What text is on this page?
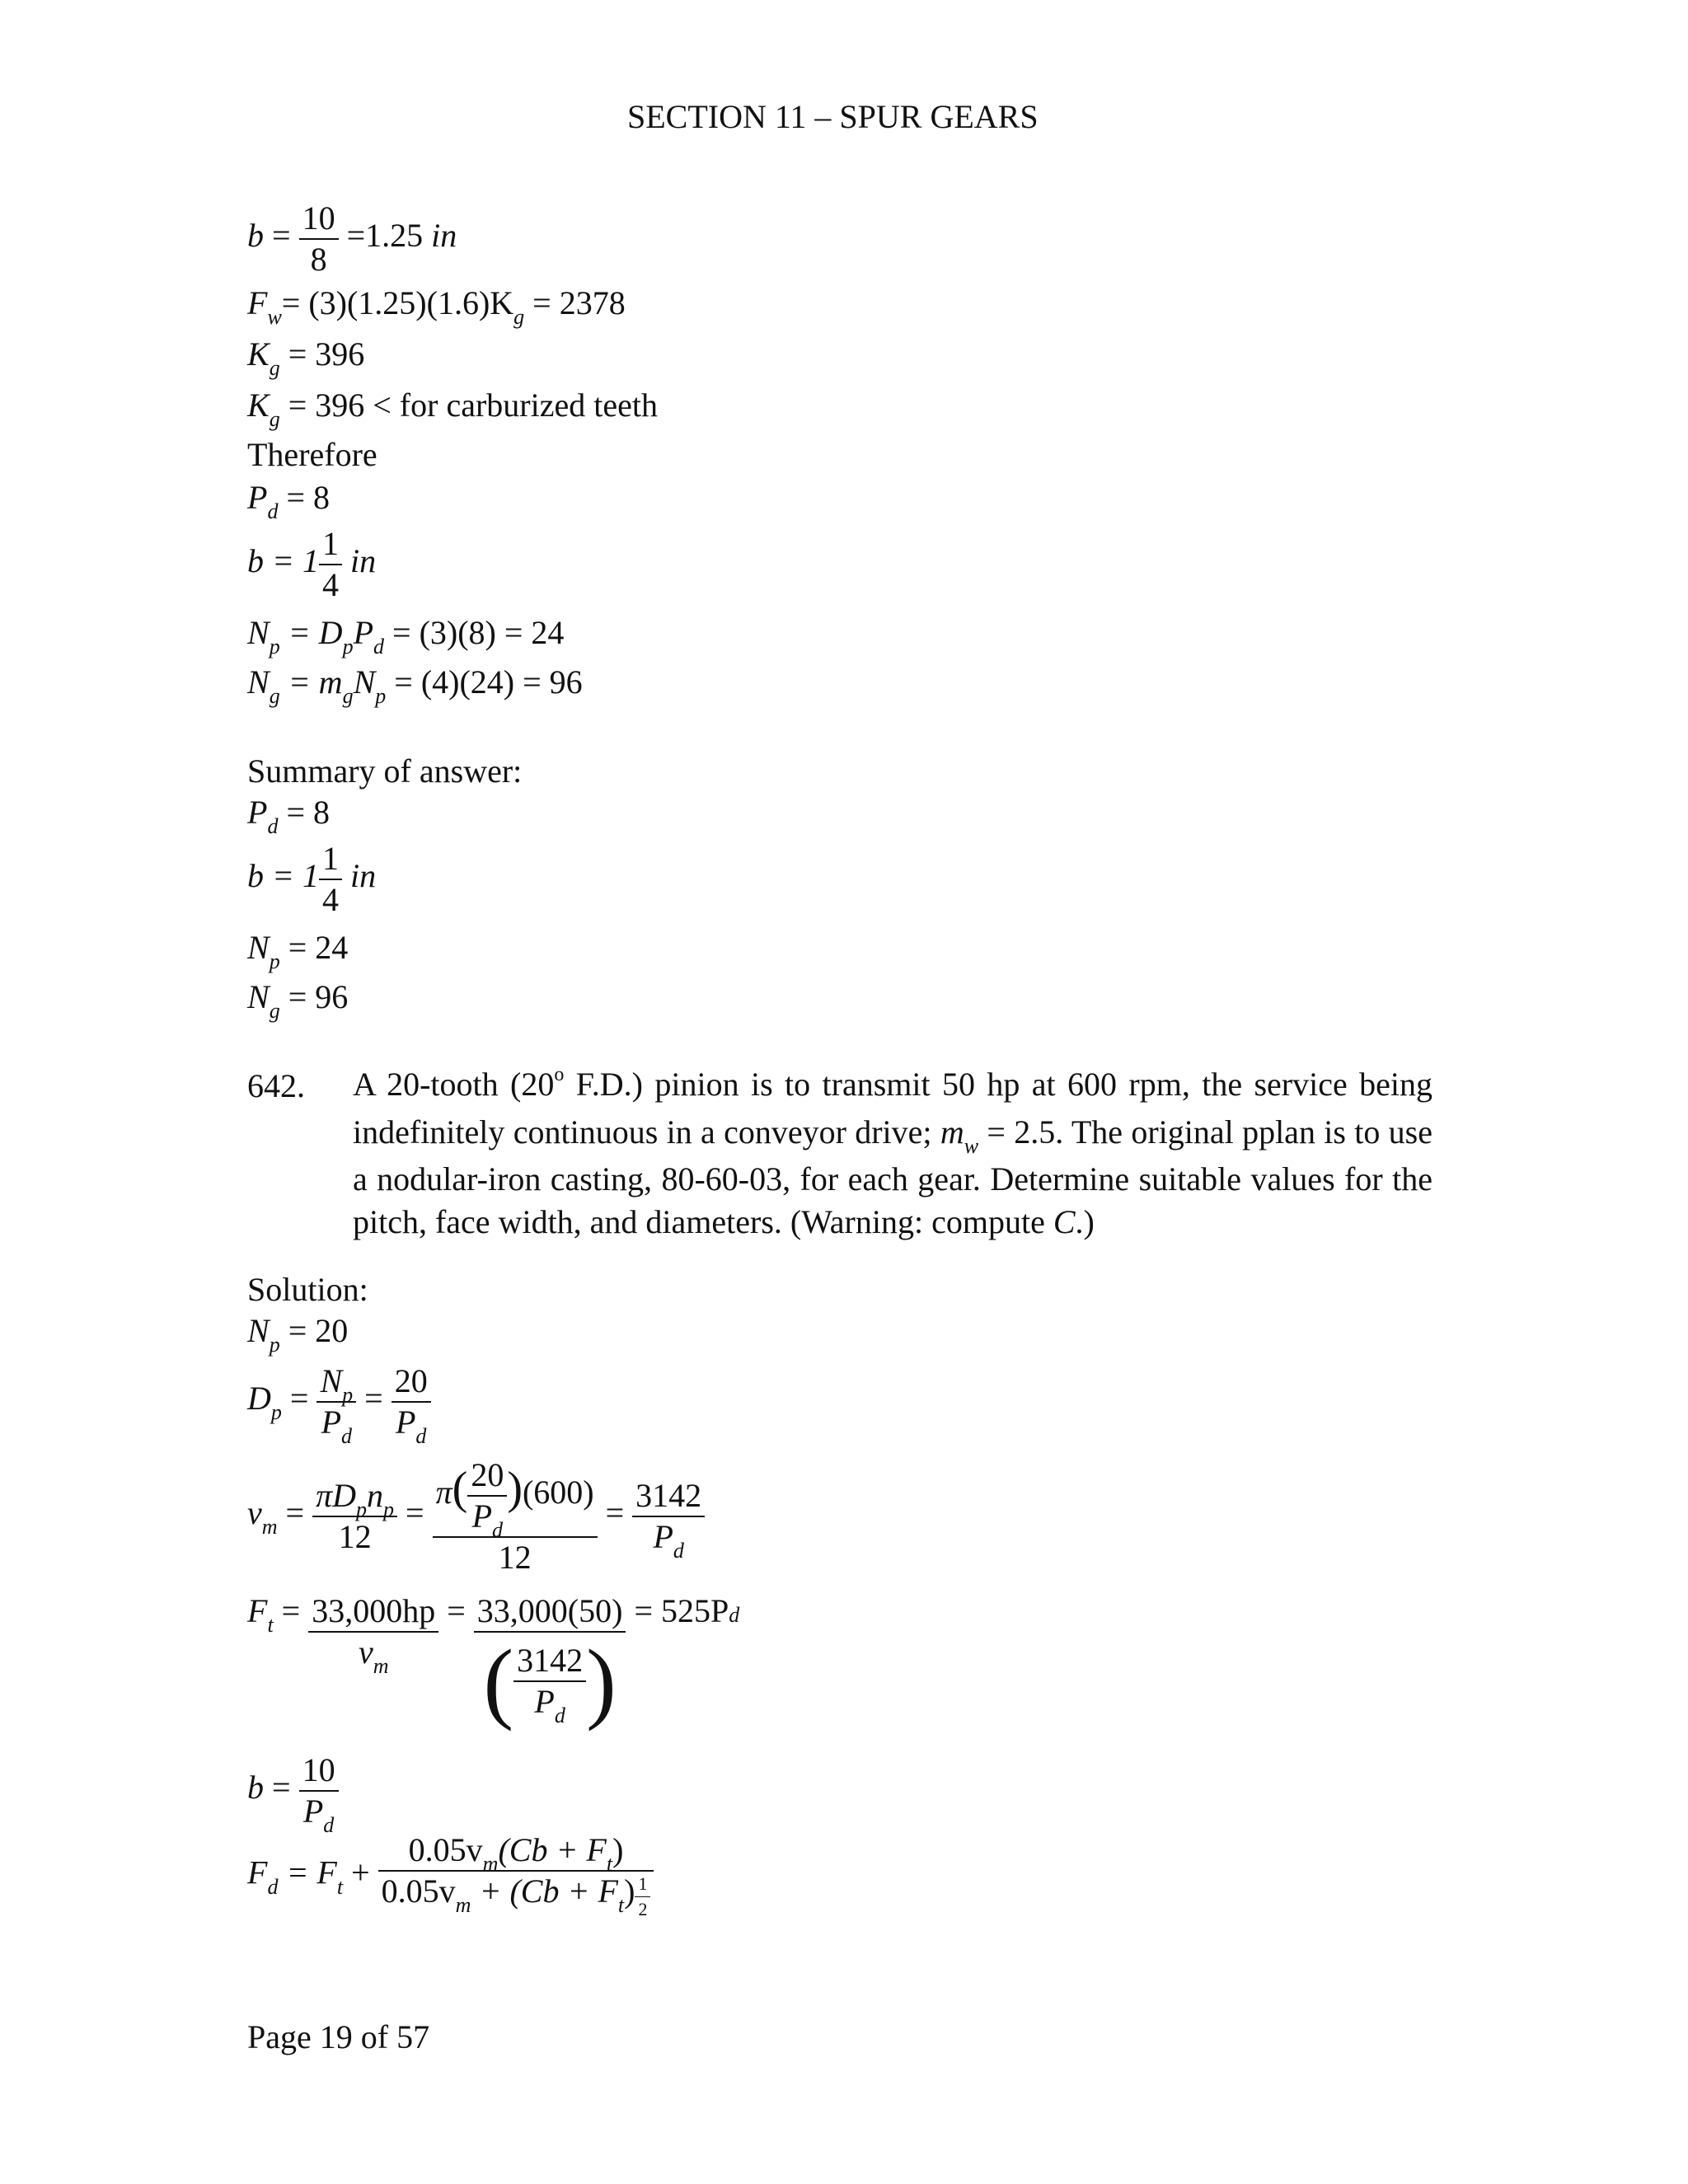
SECTION 11 – SPUR GEARS
$b = \frac{10}{8} =1.25$ in
$F_w= (3)(1.25)(1.6)K_g = 2378$
$K_g = 396$
$K_g = 396$ < for carburized teeth
Therefore
$P_d = 8$
$b = 1 \frac{1}{4}$ in
$N_p = D_pP_d = (3)(8) = 24$
$N_g = m_gN_p = (4)(24) = 96$
Summary of answer:
$P_d = 8$
$b = 1 \frac{1}{4}$ in
$N_p = 24$
$N_g = 96$
642. A 20-tooth (20$^o$ F.D.) pinion is to transmit 50 hp at 600 rpm, the service being indefinitely continuous in a conveyor drive; $m_w = 2.5$. The original pplan is to use a nodular-iron casting, 80-60-03, for each gear. Determine suitable values for the pitch, face width, and diameters. (Warning: compute C.)
Solution:
$N_p = 20$
$D_p = \frac{N_p}{P_d} = \frac{20}{P_d}$
$v_m = \frac{\pi D_pn_p}{12} = \frac{\pi( \frac{20}{P_d} )(600)}{12} = \frac{3142}{P_d}$
$F_t = \frac{33,000hp}{v_m} = \frac{33,000(50)}{( \frac{3142}{P_d} )} = 525P^d$
$b = \frac{10}{P_d}$
$F_d = F_t + \frac{0.05v_m(Cb + F_t)}{0.05v_m + (Cb + F_t) \frac{1}{2}}$
Page 19 of 57
